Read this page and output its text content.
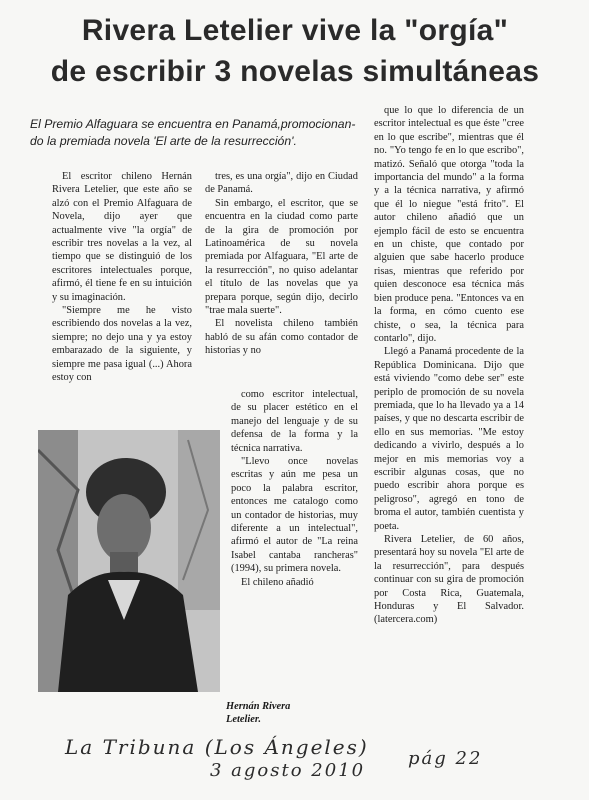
Rivera Letelier vive la "orgía"
de escribir 3 novelas simultáneas
El Premio Alfaguara se encuentra en Panamá,promocionan-
do la premiada novela 'El arte de la resurrección'.

El escritor chileno Hernán Rivera Letelier, que este año se alzó con el Premio Alfaguara de Novela, dijo ayer que actualmente vive "la orgía" de escribir tres novelas a la vez, al tiempo que se distinguió de los escritores intelectuales porque, afirmó, él tiene fe en su intuición y su imaginación.

"Siempre me he visto escribiendo dos novelas a la vez, siempre; no dejo una y ya estoy embarazado de la siguiente, y siempre me pasa igual (...) Ahora estoy con

tres, es una orgía", dijo en Ciudad de Panamá.

Sin embargo, el escritor, que se encuentra en la ciudad como parte de la gira de promoción por Latinoamérica de su novela premiada por Alfaguara, "El arte de la resurrección", no quiso adelantar el título de las novelas que ya prepara porque, según dijo, decirlo "trae mala suerte".

El novelista chileno también habló de su afán como contador de historias y no

como escritor intelectual, de su placer estético en el manejo del lenguaje y de su defensa de la forma y la técnica narrativa.

"Llevo once novelas escritas y aún me pesa un poco la palabra escritor, entonces me catalogo como un contador de historias, muy diferente a un intelectual", afirmó el autor de "La reina Isabel cantaba rancheras" (1994), su primera novela.

El chileno añadió

que lo que lo diferencia de un escritor intelectual es que éste "cree en lo que escribe", mientras que él no. "Yo tengo fe en lo que escribo", matizó. Señaló que otorga "toda la importancia del mundo" a la forma y a la técnica narrativa, y afirmó que él lo niegue "está frito". El autor chileno añadió que un ejemplo fácil de esto se encuentra en un chiste, que contado por alguien que sabe hacerlo produce risas, mientras que referido por quien desconoce esa técnica más bien produce pena. "Entonces va en la forma, en cómo cuento ese chiste, o sea, la técnica para contarlo", dijo.

Llegó a Panamá procedente de la República Dominicana. Dijo que está viviendo "como debe ser" este periplo de promoción de su novela premiada, que lo ha llevado ya a 14 países, y que no descarta escribir de ello en sus memorias. "Me estoy dedicando a vivirlo, después a lo mejor en mis memorias voy a escribir algunas cosas, que no puedo escribir ahora porque es peligroso", agregó en tono de broma el autor, también cuentista y poeta.

Rivera Letelier, de 60 años, presentará hoy su novela "El arte de la resurrección", para después continuar con su gira de promoción por Costa Rica, Guatemala, Honduras y El Salvador. (latercera.com)

Hernán Rivera
Letelier.
La Tribuna (Los Ángeles)
3 agosto 2010
pág 22
